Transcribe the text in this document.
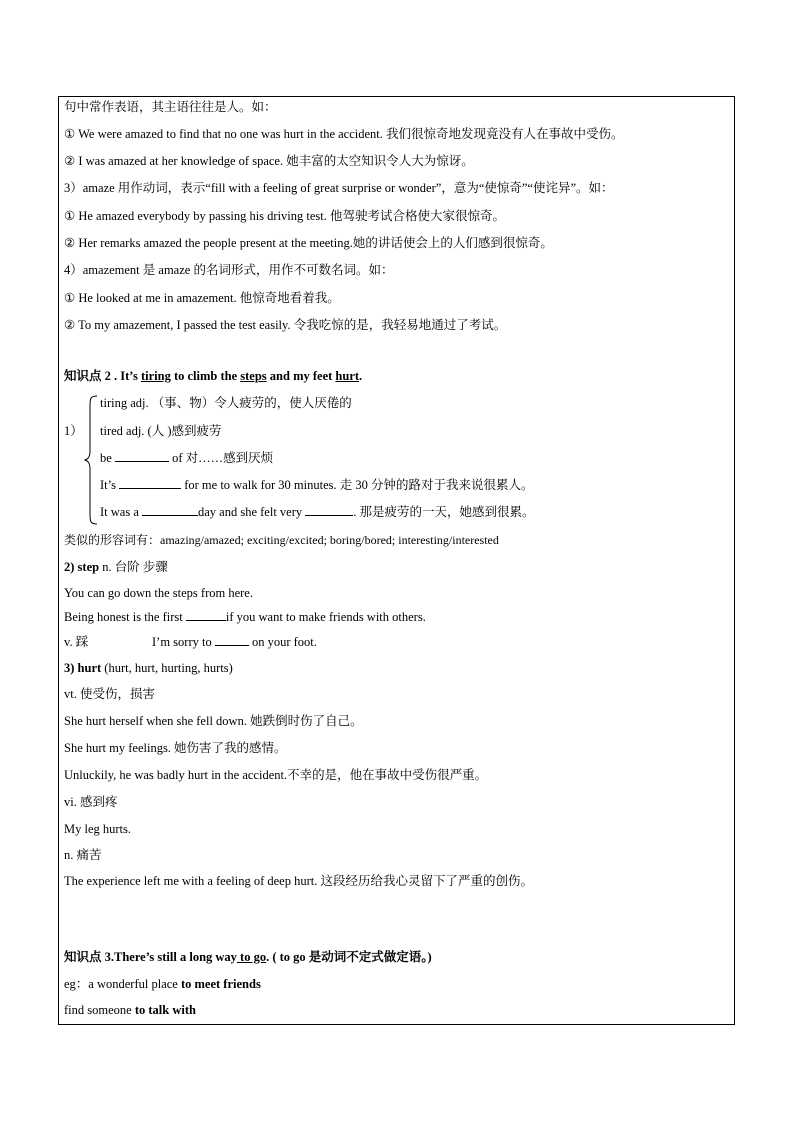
句中常作表语，其主语往往是人。如：
① We were amazed to find that no one was hurt in the accident. 我们很惊奇地发现竟没有人在事故中受伤。
② I was amazed at her knowledge of space. 她丰富的太空知识令人大为惊讶。
3）amaze 用作动词，表示“fill with a feeling of great surprise or wonder”，意为“使惊奇”“使诧异”。如：
① He amazed everybody by passing his driving test. 他驾驶考试合格使大家很惊奇。
② Her remarks amazed the people present at the meeting.她的讲话使会上的人们感到很惊奇。
4）amazement 是 amaze 的名词形式，用作不可数名词。如：
① He looked at me in amazement. 他惊奇地看着我。
② To my amazement, I passed the test easily. 令我吃惊的是，我轻易地通过了考试。
知识点 2 . It’s tiring to climb the steps and my feet hurt.
1）
tiring adj. （事、物）令人疲劳的，使人厌倦的
tired adj. (人 )感到疲劳
be	of 对……感到厌烦
It’s	for me to walk for 30 minutes. 走 30 分钟的路对于我来说很累人。
It was a	day and she felt very	. 那是疲劳的一天，她感到很累。
类似的形容词有：amazing/amazed; exciting/excited; boring/bored; interesting/interested
2) step n. 台阶 步骤
You can go down the steps from here.
Being honest is the first	if you want to make friends with others.
v. 踩	I’m sorry to	on your foot.
3) hurt (hurt, hurt, hurting, hurts)
vt. 使受伤，损害
She hurt herself when she fell down. 她跌倒时伤了自己。
She hurt my feelings. 她伤害了我的感情。
Unluckily, he was badly hurt in the accident.不幸的是，他在事故中受伤很严重。
vi. 感到疼
My leg hurts.
n. 痛苦
The experience left me with a feeling of deep hurt. 这段经历给我心灵留下了严重的创伤。
知识点 3.There’s still a long way to go. ( to go 是动词不定式做定语。)
eg：a wonderful place to meet friends
find someone to talk with
